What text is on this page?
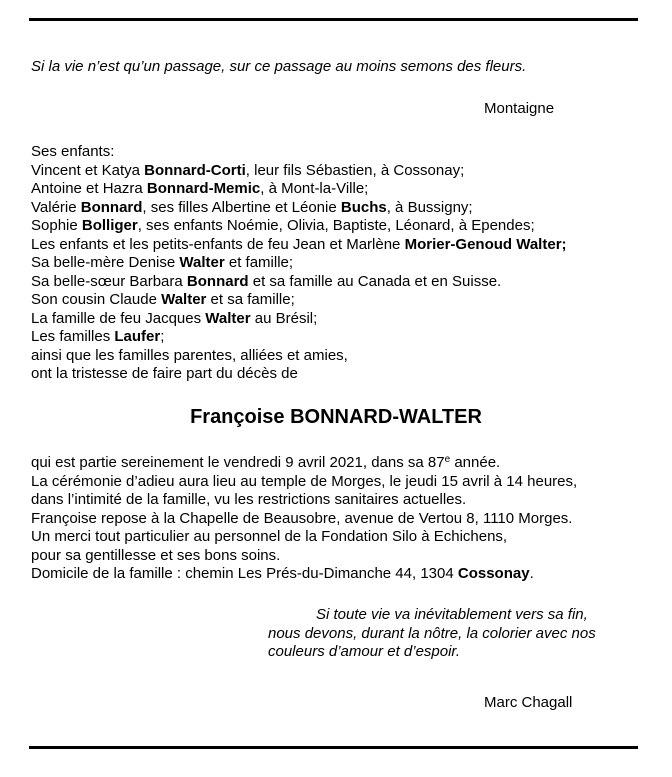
Si la vie n’est qu’un passage, sur ce passage au moins semons des fleurs.
Montaigne
Ses enfants:
Vincent et Katya Bonnard-Corti, leur fils Sébastien, à Cossonay;
Antoine et Hazra Bonnard-Memic, à Mont-la-Ville;
Valérie Bonnard, ses filles Albertine et Léonie Buchs, à Bussigny;
Sophie Bolliger, ses enfants Noémie, Olivia, Baptiste, Léonard, à Ependes;
Les enfants et les petits-enfants de feu Jean et Marlène Morier-Genoud Walter;
Sa belle-mère Denise Walter et famille;
Sa belle-sœur Barbara Bonnard et sa famille au Canada et en Suisse.
Son cousin Claude Walter et sa famille;
La famille de feu Jacques Walter au Brésil;
Les familles Laufer;
ainsi que les familles parentes, alliées et amies,
ont la tristesse de faire part du décès de
Françoise BONNARD-WALTER
qui est partie sereinement le vendredi 9 avril 2021, dans sa 87e année.
La cérémonie d’adieu aura lieu au temple de Morges, le jeudi 15 avril à 14 heures,
dans l’intimité de la famille, vu les restrictions sanitaires actuelles.
Françoise repose à la Chapelle de Beausobre, avenue de Vertou 8, 1110 Morges.
Un merci tout particulier au personnel de la Fondation Silo à Echichens,
pour sa gentillesse et ses bons soins.
Domicile de la famille : chemin Les Prés-du-Dimanche 44, 1304 Cossonay.
Si toute vie va inévitablement vers sa fin,
nous devons, durant la nôtre, la colorier avec nos
couleurs d’amour et d’espoir.
Marc Chagall
